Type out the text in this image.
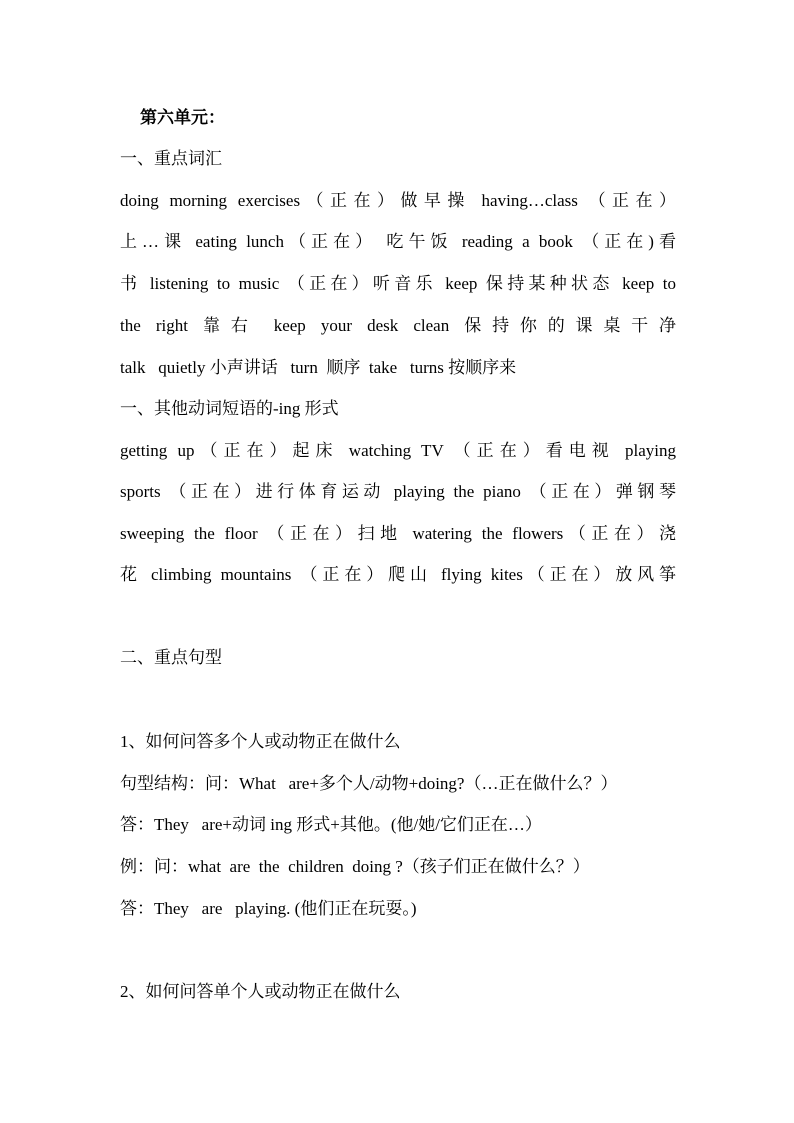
第六单元：
一、重点词汇
doing morning exercises（正在）做早操 having…class （正在）
上…课 eating lunch（正在） 吃午饭 reading a book （正在)看
书 listening to music （正在）听音乐 keep 保持某种状态 keep to
the right 靠右 keep your desk clean 保持你的课桌干净
talk   quietly 小声讲话   turn  顺序  take   turns 按顺序来
一、其他动词短语的-ing 形式
getting up（正在）起床 watching TV （正在）看电视 playing
sports （正在）进行体育运动 playing the piano （正在）弹钢琴
sweeping the floor （正在）扫地 watering the flowers（正在）浇
花 climbing mountains （正在）爬山 flying kites（正在）放风筝
二、重点句型
1、如何问答多个人或动物正在做什么
句型结构：问：What   are+多个人/动物+doing?（…正在做什么？）
答：They   are+动词 ing 形式+其他。(他/她/它们正在…）
例：问：what  are  the  children  doing ?（孩子们正在做什么？）
答：They   are   playing. (他们正在玩耍。)
2、如何问答单个人或动物正在做什么
